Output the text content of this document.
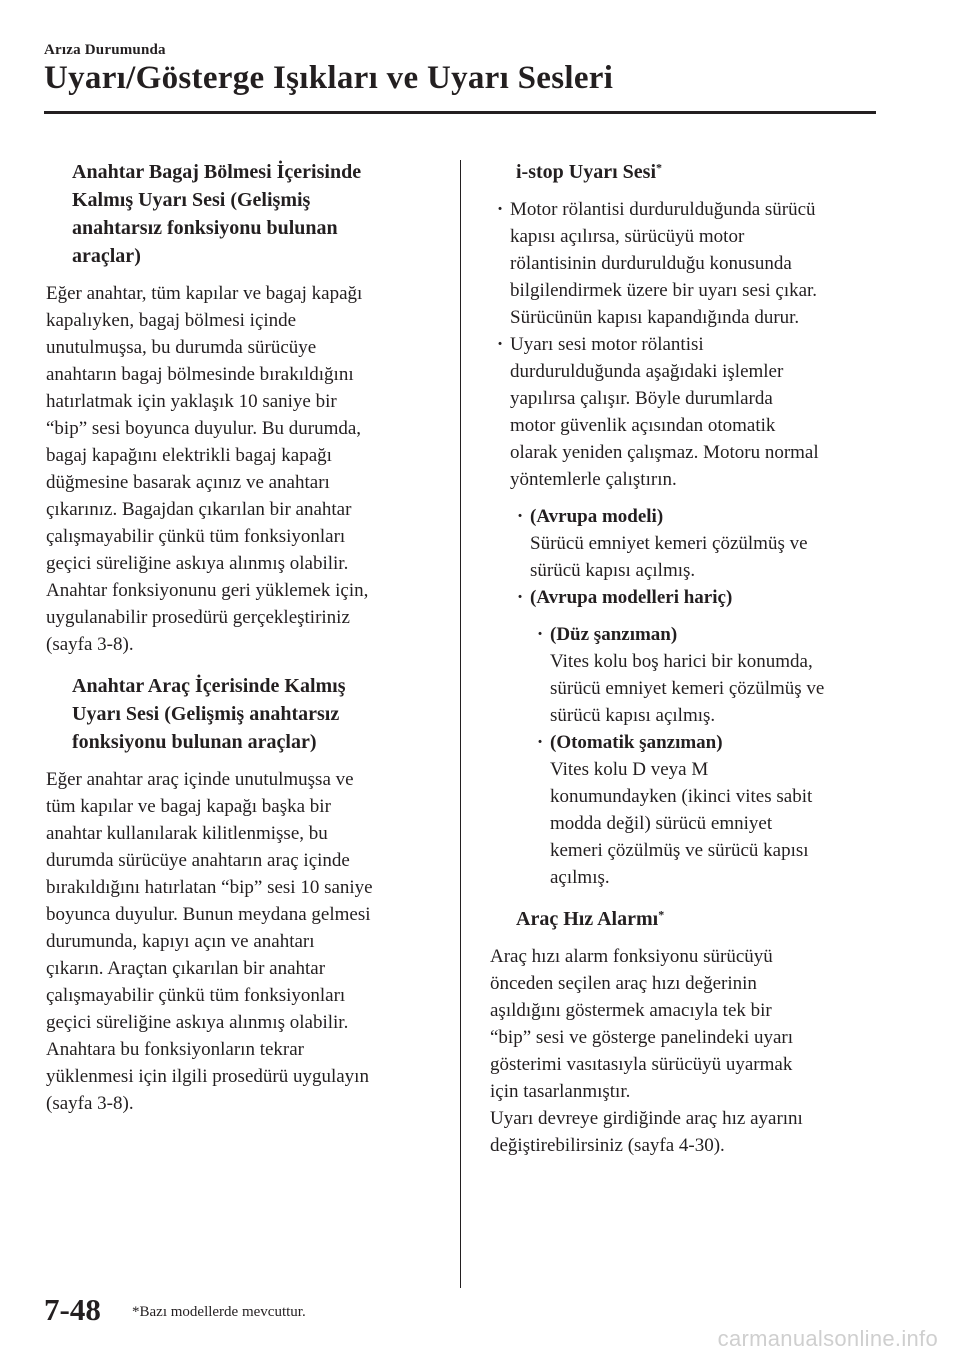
Arıza Durumunda
Uyarı/Gösterge Işıkları ve Uyarı Sesleri
Anahtar Bagaj Bölmesi İçerisinde
Kalmış Uyarı Sesi (Gelişmiş
anahtarsız fonksiyonu bulunan
araçlar)
Eğer anahtar, tüm kapılar ve bagaj kapağı
kapalıyken, bagaj bölmesi içinde
unutulmuşsa, bu durumda sürücüye
anahtarın bagaj bölmesinde bırakıldığını
hatırlatmak için yaklaşık 10 saniye bir
“bip” sesi boyunca duyulur. Bu durumda,
bagaj kapağını elektrikli bagaj kapağı
düğmesine basarak açınız ve anahtarı
çıkarınız. Bagajdan çıkarılan bir anahtar
çalışmayabilir çünkü tüm fonksiyonları
geçici süreliğine askıya alınmış olabilir.
Anahtar fonksiyonunu geri yüklemek için,
uygulanabilir prosedürü gerçekleştiriniz
(sayfa 3-8).
Anahtar Araç İçerisinde Kalmış
Uyarı Sesi (Gelişmiş anahtarsız
fonksiyonu bulunan araçlar)
Eğer anahtar araç içinde unutulmuşsa ve
tüm kapılar ve bagaj kapağı başka bir
anahtar kullanılarak kilitlenmişse, bu
durumda sürücüye anahtarın araç içinde
bırakıldığını hatırlatan “bip” sesi 10 saniye
boyunca duyulur. Bunun meydana gelmesi
durumunda, kapıyı açın ve anahtarı
çıkarın. Araçtan çıkarılan bir anahtar
çalışmayabilir çünkü tüm fonksiyonları
geçici süreliğine askıya alınmış olabilir.
Anahtara bu fonksiyonların tekrar
yüklenmesi için ilgili prosedürü uygulayın
(sayfa 3-8).
i-stop Uyarı Sesi*
· Motor rölantisi durdurulduğunda sürücü
kapısı açılırsa, sürücüyü motor
rölantisinin durdurulduğu konusunda
bilgilendirmek üzere bir uyarı sesi çıkar.
Sürücünün kapısı kapandığında durur.
· Uyarı sesi motor rölantisi
durdurulduğunda aşağıdaki işlemler
yapılırsa çalışır. Böyle durumlarda
motor güvenlik açısından otomatik
olarak yeniden çalışmaz. Motoru normal
yöntemlerle çalıştırın.
· (Avrupa modeli)
Sürücü emniyet kemeri çözülmüş ve
sürücü kapısı açılmış.
· (Avrupa modelleri hariç)
· (Düz şanzıman)
Vites kolu boş harici bir konumda,
sürücü emniyet kemeri çözülmüş ve
sürücü kapısı açılmış.
· (Otomatik şanzıman)
Vites kolu D veya M
konumundayken (ikinci vites sabit
modda değil) sürücü emniyet
kemeri çözülmüş ve sürücü kapısı
açılmış.
Araç Hız Alarmı*
Araç hızı alarm fonksiyonu sürücüyü
önceden seçilen araç hızı değerinin
aşıldığını göstermek amacıyla tek bir
“bip” sesi ve gösterge panelindeki uyarı
gösterimi vasıtasıyla sürücüyü uyarmak
için tasarlanmıştır.
Uyarı devreye girdiğinde araç hız ayarını
değiştirebilirsiniz (sayfa 4-30).
7-48 *Bazı modellerde mevcuttur.
carmanualsonline.info
